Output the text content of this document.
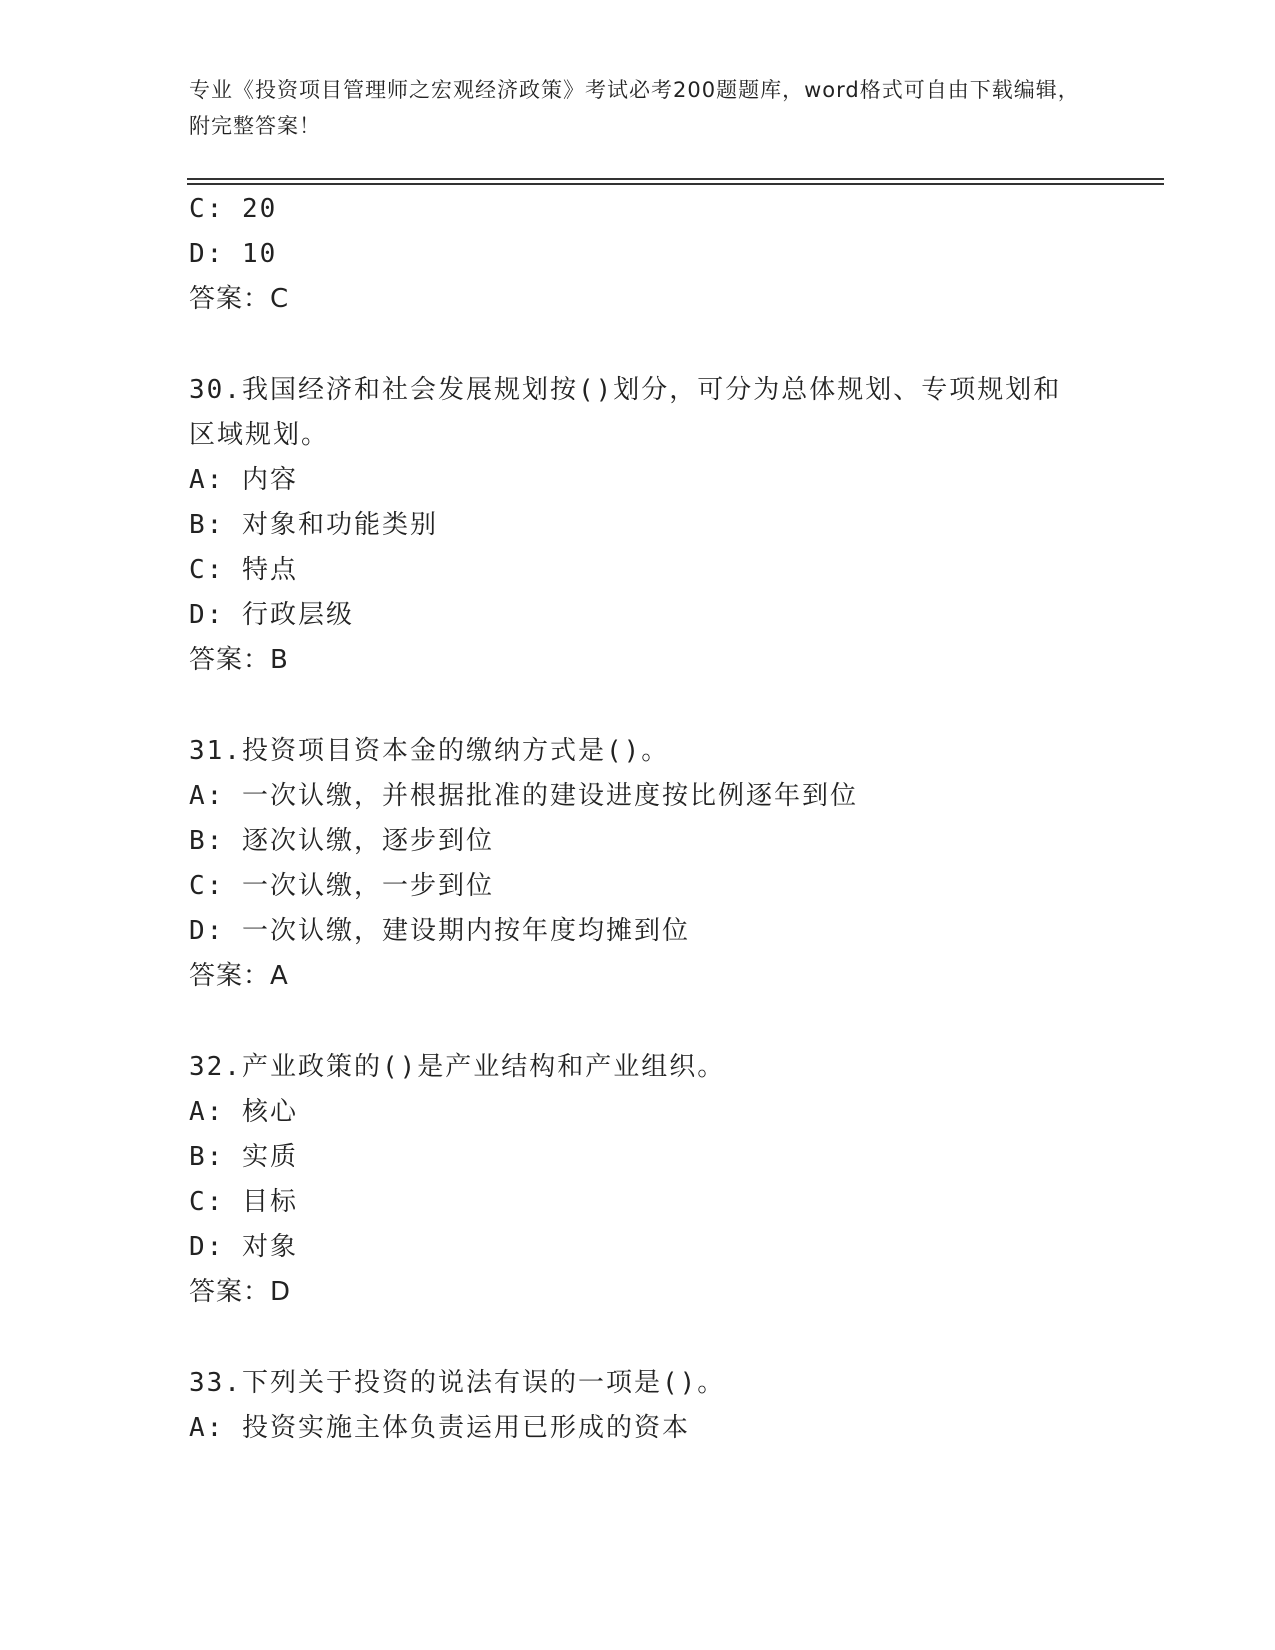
专业《投资项目管理师之宏观经济政策》考试必考200题题库，word格式可自由下载编辑，附完整答案！
C: 20
D: 10
答案：C
30.我国经济和社会发展规划按()划分，可分为总体规划、专项规划和
区域规划。
A: 内容
B: 对象和功能类别
C: 特点
D: 行政层级
答案：B
31.投资项目资本金的缴纳方式是()。
A: 一次认缴，并根据批准的建设进度按比例逐年到位
B: 逐次认缴，逐步到位
C: 一次认缴，一步到位
D: 一次认缴，建设期内按年度均摊到位
答案：A
32.产业政策的()是产业结构和产业组织。
A: 核心
B: 实质
C: 目标
D: 对象
答案：D
33.下列关于投资的说法有误的一项是()。
A: 投资实施主体负责运用已形成的资本
